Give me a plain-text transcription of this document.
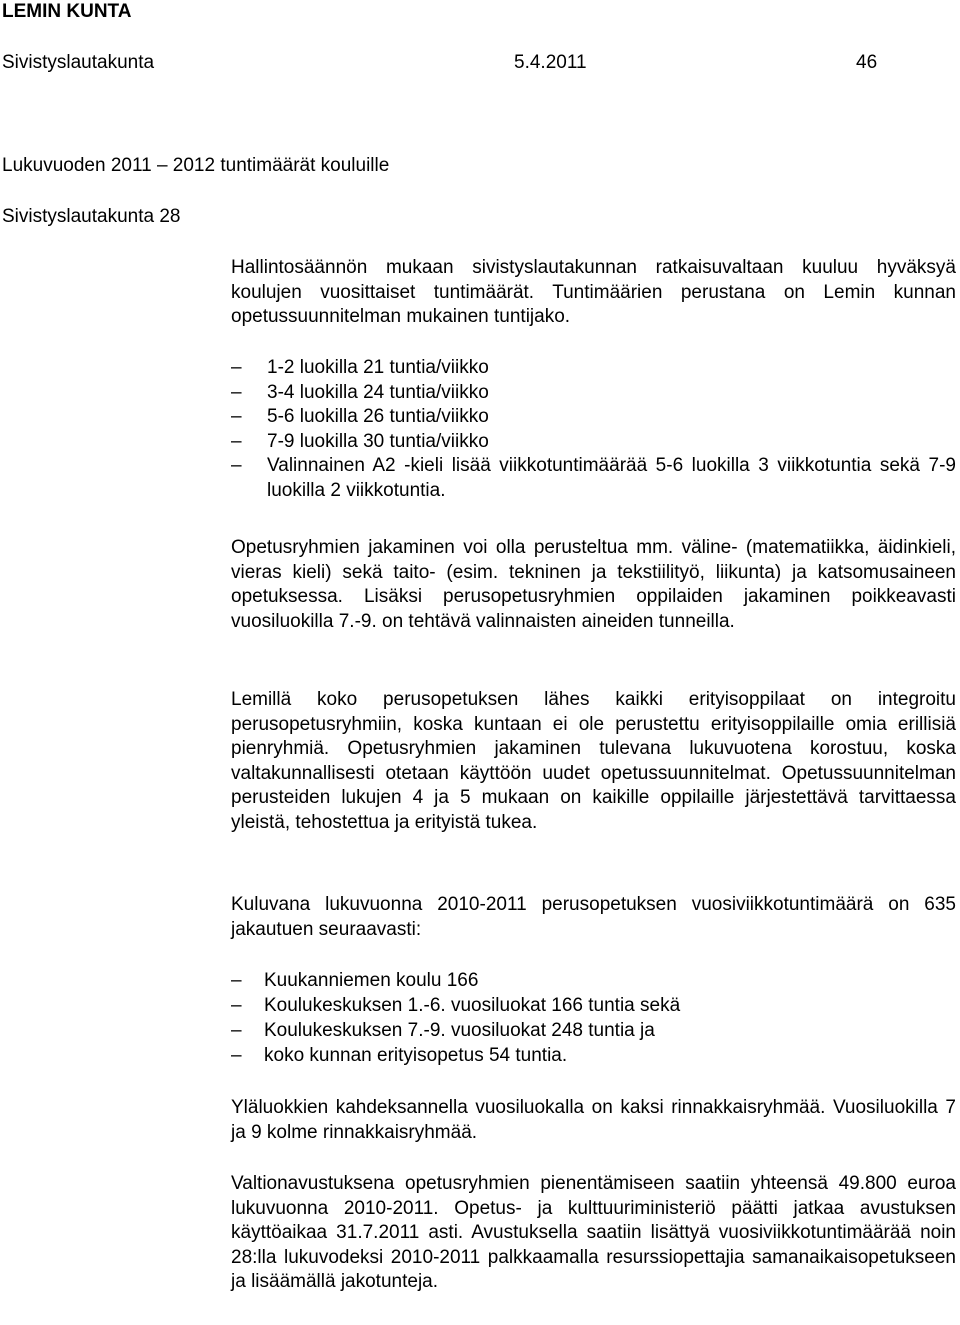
LEMIN KUNTA
Sivistyslautakunta	5.4.2011	46
Lukuvuoden 2011 – 2012 tuntimäärät kouluille
Sivistyslautakunta 28

Hallintosäännön mukaan sivistyslautakunnan ratkaisuvaltaan kuuluu hyväksyä koulujen vuosittaiset tuntimäärät. Tuntimäärien perustana on Lemin kunnan opetussuunnitelman mukainen tuntijako.

–	1-2 luokilla 21 tuntia/viikko
–	3-4 luokilla 24 tuntia/viikko
–	5-6 luokilla 26 tuntia/viikko
–	7-9 luokilla 30 tuntia/viikko
–	Valinnainen A2 -kieli lisää viikkotuntimäärää 5-6 luokilla 3 viikkotuntia sekä 7-9 luokilla 2 viikkotuntia.

Opetusryhmien jakaminen voi olla perusteltua mm. väline- (matematiikka, äidinkieli, vieras kieli) sekä taito- (esim. tekninen ja tekstiilityö, liikunta) ja katsomusaineen opetuksessa. Lisäksi perusopetusryhmien oppilaiden jakaminen poikkeavasti vuosiluokilla 7.-9. on tehtävä valinnaisten aineiden tunneilla.

Lemillä koko perusopetuksen lähes kaikki erityisoppilaat on integroitu perusopetusryhmiin, koska kuntaan ei ole perustettu erityisoppilaille omia erillisiä pienryhmiä. Opetusryhmien jakaminen tulevana lukuvuotena korostuu, koska valtakunnallisesti otetaan käyttöön uudet opetussuunnitelmat. Opetussuunnitelman perusteiden lukujen 4 ja 5 mukaan on kaikille oppilaille järjestettävä tarvittaessa yleistä, tehostettua ja erityistä tukea.

Kuluvana lukuvuonna 2010-2011 perusopetuksen vuosiviikkotuntimäärä on 635 jakautuen seuraavasti:

–	Kuukanniemen koulu 166
–	Koulukeskuksen 1.-6. vuosiluokat 166 tuntia sekä
–	Koulukeskuksen 7.-9. vuosiluokat 248 tuntia ja
–	koko kunnan erityisopetus 54 tuntia.

Yläluokkien kahdeksannella vuosiluokalla on kaksi rinnakkaisryhmää. Vuosiluokilla 7 ja 9 kolme rinnakkaisryhmää.

Valtionavustuksena opetusryhmien pienentämiseen saatiin yhteensä 49.800 euroa lukuvuonna 2010-2011. Opetus- ja kulttuuriministeriö päätti jatkaa avustuksen käyttöaikaa 31.7.2011 asti. Avustuksella saatiin lisättyä vuosiviikkotuntimäärää noin 28:lla lukuvodeksi 2010-2011 palkkaamalla resurssiopettajia samanaikaisopetukseen ja lisäämällä jakotunteja.
